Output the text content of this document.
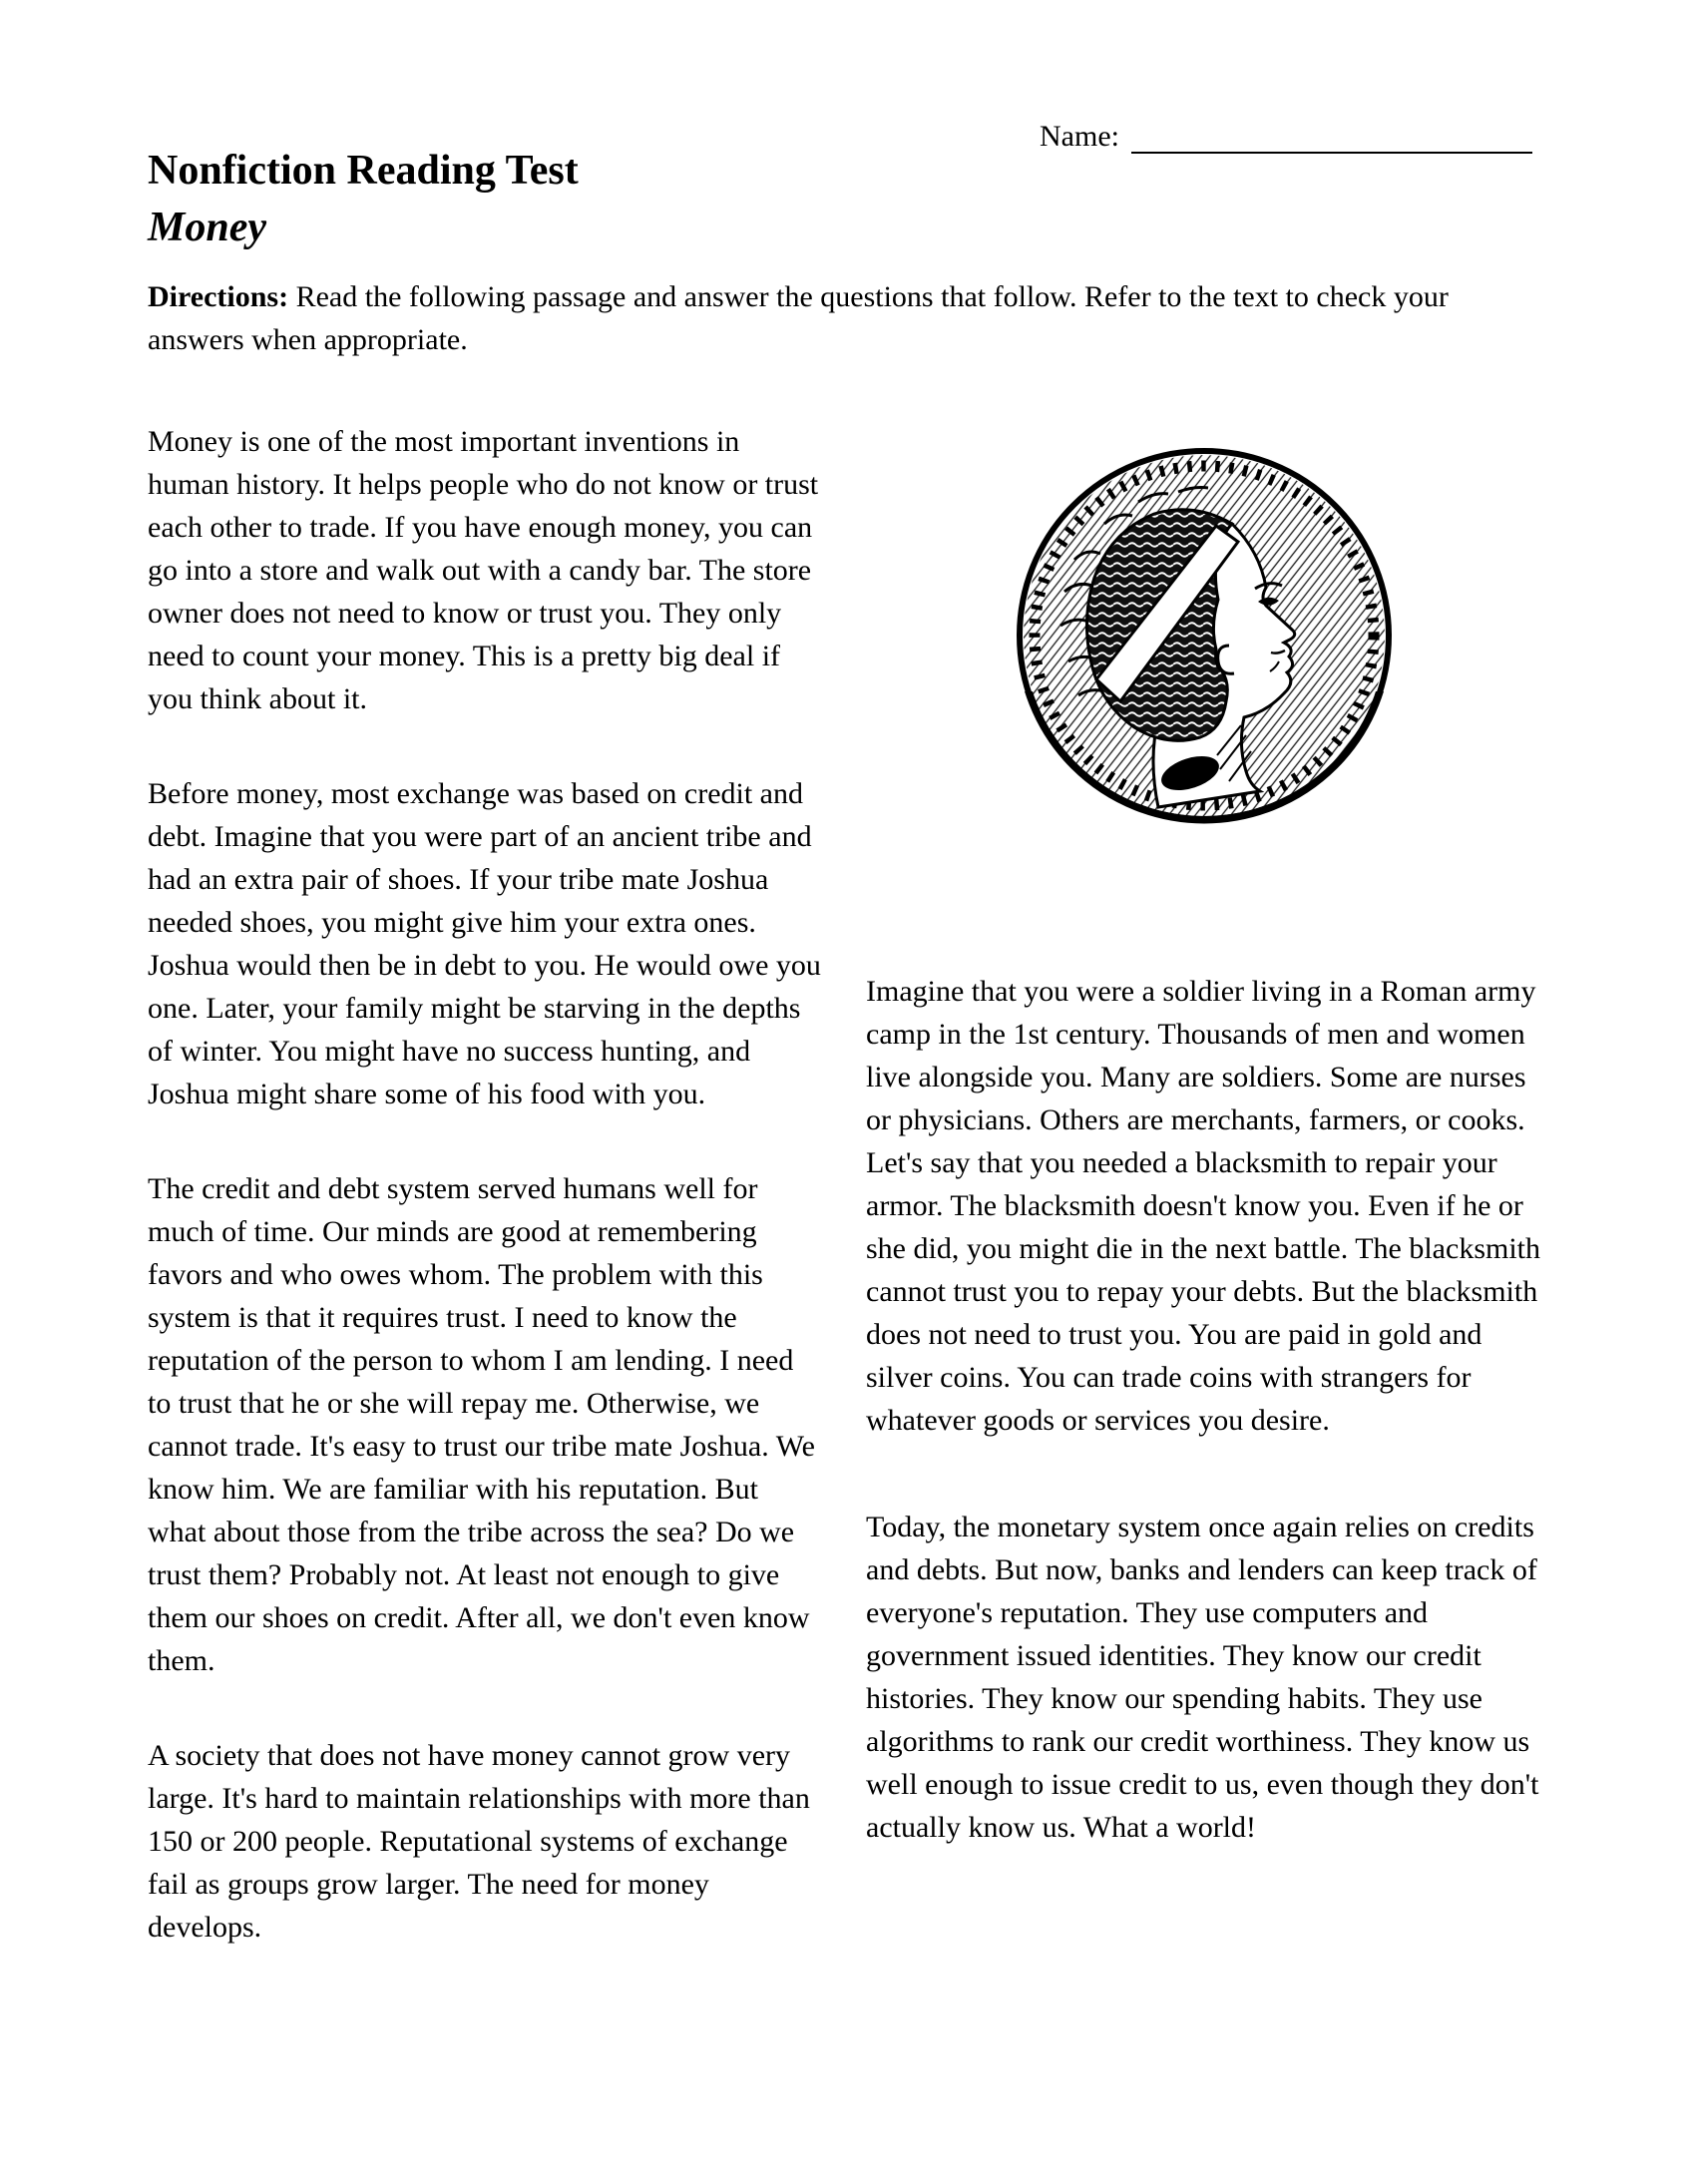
Name:
Nonfiction Reading Test
Money

Directions: Read the following passage and answer the questions that follow. Refer to the text to check your answers when appropriate.

Money is one of the most important inventions in human history. It helps people who do not know or trust each other to trade. If you have enough money, you can go into a store and walk out with a candy bar. The store owner does not need to know or trust you. They only need to count your money. This is a pretty big deal if you think about it.

Before money, most exchange was based on credit and debt. Imagine that you were part of an ancient tribe and had an extra pair of shoes. If your tribe mate Joshua needed shoes, you might give him your extra ones. Joshua would then be in debt to you. He would owe you one. Later, your family might be starving in the depths of winter. You might have no success hunting, and Joshua might share some of his food with you.

The credit and debt system served humans well for much of time. Our minds are good at remembering favors and who owes whom. The problem with this system is that it requires trust. I need to know the reputation of the person to whom I am lending. I need to trust that he or she will repay me. Otherwise, we cannot trade. It's easy to trust our tribe mate Joshua. We know him. We are familiar with his reputation. But what about those from the tribe across the sea? Do we trust them? Probably not. At least not enough to give them our shoes on credit. After all, we don't even know them.

A society that does not have money cannot grow very large. It's hard to maintain relationships with more than 150 or 200 people. Reputational systems of exchange fail as groups grow larger. The need for money develops.

Imagine that you were a soldier living in a Roman army camp in the 1st century. Thousands of men and women live alongside you. Many are soldiers. Some are nurses or physicians. Others are merchants, farmers, or cooks. Let's say that you needed a blacksmith to repair your armor. The blacksmith doesn't know you. Even if he or she did, you might die in the next battle. The blacksmith cannot trust you to repay your debts. But the blacksmith does not need to trust you. You are paid in gold and silver coins. You can trade coins with strangers for whatever goods or services you desire.

Today, the monetary system once again relies on credits and debts. But now, banks and lenders can keep track of everyone's reputation. They use computers and government issued identities. They know our credit histories. They know our spending habits. They use algorithms to rank our credit worthiness. They know us well enough to issue credit to us, even though they don't actually know us. What a world!
